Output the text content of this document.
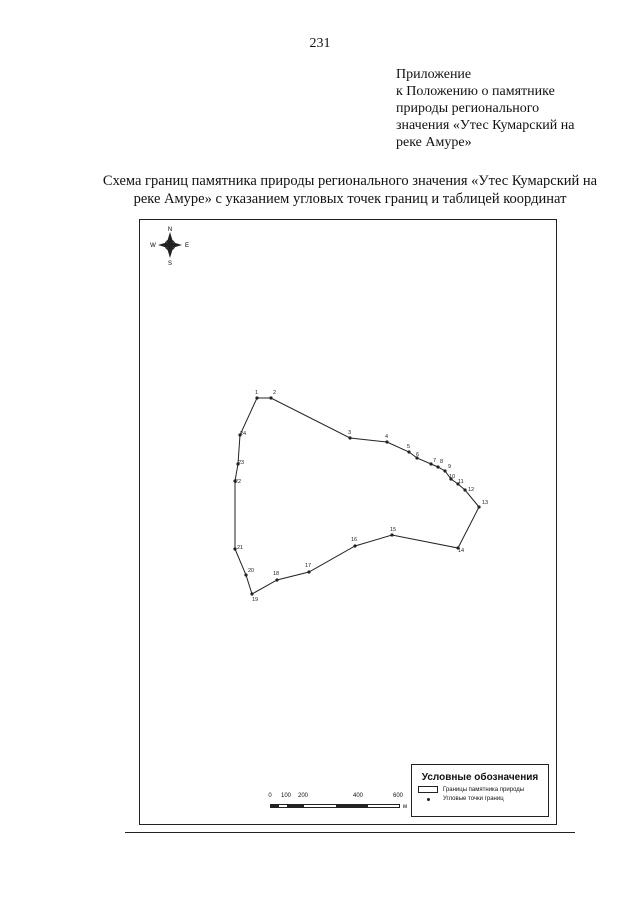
231
Приложение
к Положению о памятнике
природы регионального
значения «Утес Кумарский на
реке Амуре»
Схема границ памятника природы регионального значения «Утес Кумарский на
реке Амуре» с указанием угловых точек границ и таблицей координат
1	2
3
4
5
6
7 8
9
10
11
12
13
14
15
16
17
18
19
20
21
22
23
24
N
S
W	E
0 100 200	400	600
м
Условные обозначения
Границы памятника природы
Угловые точки границ
